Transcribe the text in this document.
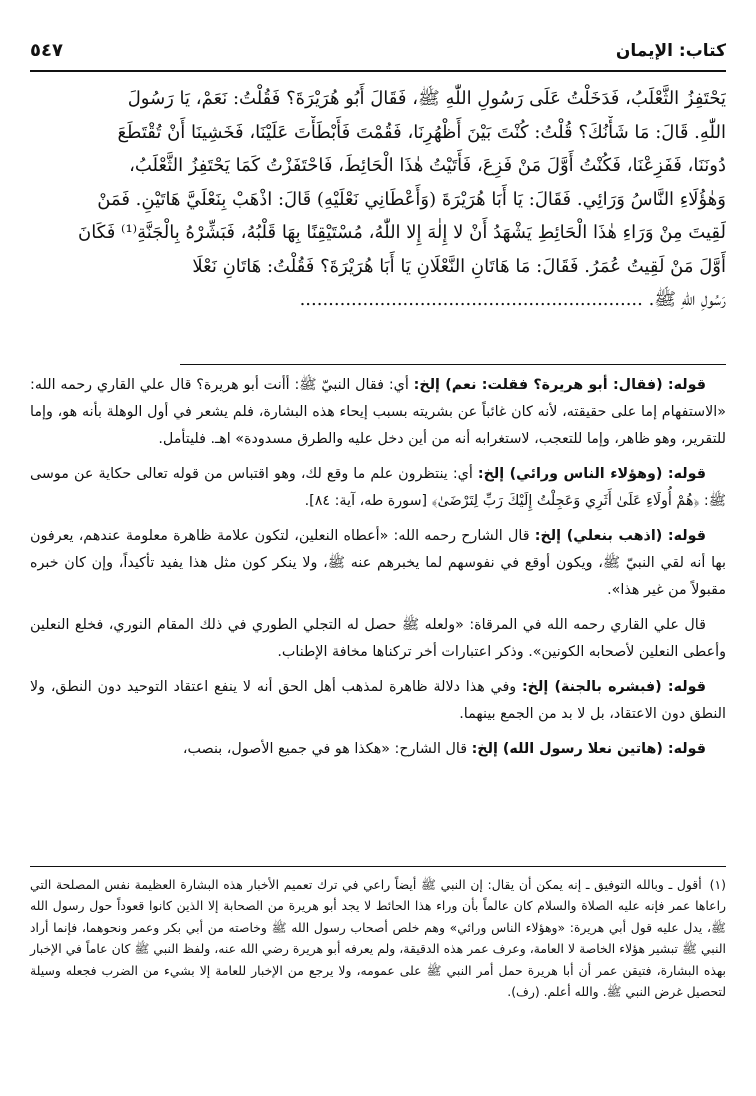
كتاب: الإيمان
٥٤٧
يَحْتَفِزُ الثَّعْلَبُ، فَدَخَلْتُ عَلَى رَسُولِ اللّٰهِ ﷺ، فَقَالَ أَبُو هُرَيْرَةَ؟ فَقُلْتُ: نَعَمْ، يَا رَسُولَ
اللّٰهِ. قَالَ: مَا شَأْنُكَ؟ قُلْتُ: كُنْتَ بَيْنَ أَظْهُرِنَا، فَقُمْتَ فَأَبْطَأْتَ عَلَيْنَا، فَخَشِينَا أَنْ تُقْتَطَعَ
دُونَنَا، فَفَزِعْنَا، فَكُنْتُ أَوَّلَ مَنْ فَزِعَ، فَأَتَيْتُ هٰذَا الْحَائِطَ، فَاحْتَفَزْتُ كَمَا يَحْتَفِزُ الثَّعْلَبُ،
وَهٰؤُلَاءِ النَّاسُ وَرَائِي. فَقَالَ: يَا أَبَا هُرَيْرَةَ (وَأَعْطَانِي نَعْلَيْهِ) قَالَ: اذْهَبْ بِنَعْلَيَّ هَاتَيْنِ. فَمَنْ
لَقِيتَ مِنْ وَرَاءِ هٰذَا الْحَائِطِ يَشْهَدُ أَنْ لا إِلٰهَ إِلا اللّٰهُ، مُسْتَيْقِنًا بِهَا قَلْبُهُ، فَبَشِّرْهُ بِالْجَنَّةِ⁽¹⁾ فَكَانَ
أَوَّلَ مَنْ لَقِيتُ عُمَرُ. فَقَالَ: مَا هَاتَانِ النَّعْلَانِ يَا أَبَا هُرَيْرَةَ؟ فَقُلْتُ: هَاتَانِ نَعْلَا
رَسُولِ اللّٰهِ ﷺ. ............................................................

قوله: (فقال: أبو هريرة؟ فقلت: نعم) إلخ: أي: فقال النبيّ ﷺ: أأنت أبو هريرة؟ قال علي القاري رحمه الله: «الاستفهام إما على حقيقته، لأنه كان غائباً عن بشريته بسبب إيحاء هذه البشارة، فلم يشعر في أول الوهلة بأنه هو، وإما للتقرير، وهو ظاهر، وإما للتعجب، لاستغرابه أنه من أين دخل عليه والطرق مسدودة» اهـ. فليتأمل.

قوله: (وهؤلاء الناس ورائي) إلخ: أي: ينتظرون علم ما وقع لك، وهو اقتباس من قوله تعالى حكاية عن موسى ﷺ: ﴿هُمْ أُولَاءِ عَلَىٰ أَثَرِي وَعَجِلْتُ إِلَيْكَ رَبِّ لِتَرْضَىٰ﴾ [سورة طه، آية: ٨٤].

قوله: (اذهب بنعلي) إلخ: قال الشارح رحمه الله: «أعطاه النعلين، لتكون علامة ظاهرة معلومة عندهم، يعرفون بها أنه لقي النبيّ ﷺ، ويكون أوقع في نفوسهم لما يخبرهم عنه ﷺ، ولا ينكر كون مثل هذا يفيد تأكيداً، وإن كان خبره مقبولاً من غير هذا».

قال علي القاري رحمه الله في المرقاة: «ولعله ﷺ حصل له التجلي الطوري في ذلك المقام النوري، فخلع النعلين وأعطى النعلين لأصحابه الكونين». وذكر اعتبارات أخر تركناها مخافة الإطناب.

قوله: (فبشره بالجنة) إلخ: وفي هذا دلالة ظاهرة لمذهب أهل الحق أنه لا ينفع اعتقاد التوحيد دون النطق، ولا النطق دون الاعتقاد، بل لا بد من الجمع بينهما.

قوله: (هاتين نعلا رسول الله) إلخ: قال الشارح: «هكذا هو في جميع الأصول، بنصب،

(١)أقول ـ وبالله التوفيق ـ إنه يمكن أن يقال: إن النبي ﷺ أيضاً راعي في ترك تعميم الأخبار هذه البشارة العظيمة نفس المصلحة التي راعاها عمر فإنه عليه الصلاة والسلام كان عالماً بأن وراء هذا الحائط لا يجد أبو هريرة من الصحابة إلا الذين كانوا قعوداً حول رسول الله ﷺ، يدل عليه قول أبي هريرة: «وهؤلاء الناس ورائي» وهم خلص أصحاب رسول الله ﷺ وخاصته من أبي بكر وعمر ونحوهما، فإنما أراد النبي ﷺ تبشير هؤلاء الخاصة لا العامة، وعرف عمر هذه الدقيقة، ولم يعرفه أبو هريرة رضي الله عنه، ولفظ النبي ﷺ كان عاماً في الإخبار بهذه البشارة، فتيقن عمر أن أبا هريرة حمل أمر النبي ﷺ على عمومه، ولا يرجع من الإخبار للعامة إلا بشيء من الضرب فجعله وسيلة لتحصيل غرض النبي ﷺ. والله أعلم. (رف).
